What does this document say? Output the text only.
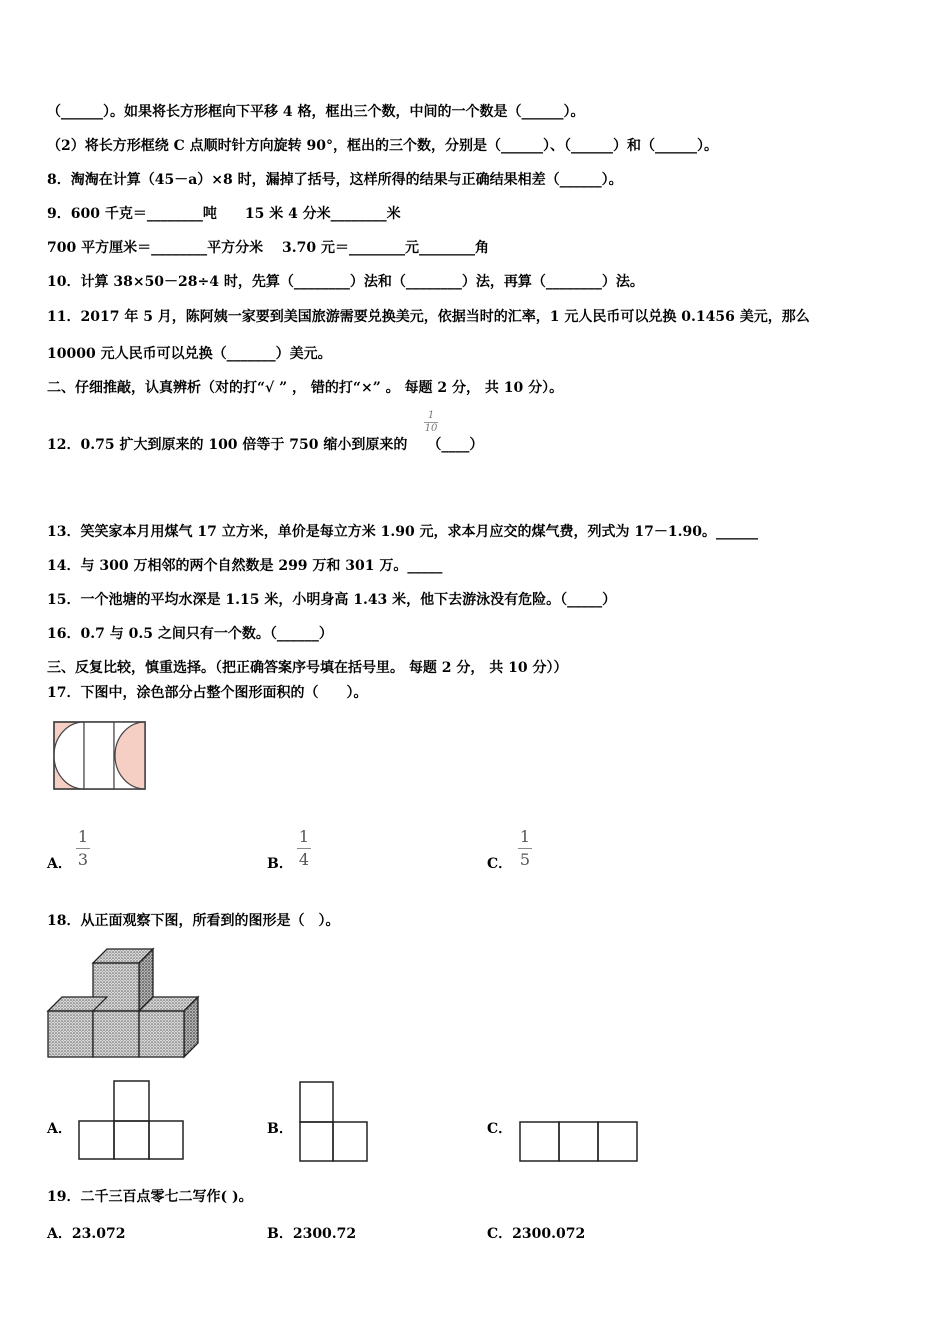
（______）。如果将长方形框向下平移 4 格，框出三个数，中间的一个数是（______）。
（2）将长方形框绕 C 点顺时针方向旋转 90°，框出的三个数，分别是（______）、（______）和（______）。
8．淘淘在计算（45－a）×8 时，漏掉了括号，这样所得的结果与正确结果相差（______）。
9．600 千克＝________吨　　15 米 4 分米________米
700 平方厘米＝________平方分米　 3.70 元＝________元________角
10．计算 38×50－28÷4 时，先算（________）法和（________）法，再算（________）法。
11．2017 年 5 月，陈阿姨一家要到美国旅游需要兑换美元，依据当时的汇率，1 元人民币可以兑换 0.1456 美元，那么
10000 元人民币可以兑换（_______）美元。
二、仔细推敲，认真辨析（对的打“√ ” ， 错的打“×” 。 每题 2 分， 共 10 分）。
12．0.75 扩大到原来的 100 倍等于 750 缩小到原来的 （____）
1
10
13．笑笑家本月用煤气 17 立方米，单价是每立方米 1.90 元，求本月应交的煤气费，列式为 17－1.90。______
14．与 300 万相邻的两个自然数是 299 万和 301 万。_____
15．一个池塘的平均水深是 1.15 米，小明身高 1.43 米，他下去游泳没有危险。（_____）
16．0.7 与 0.5 之间只有一个数。（______）
三、反复比较，慎重选择。（把正确答案序号填在括号里。 每题 2 分， 共 10 分））
17．下图中，涂色部分占整个图形面积的（　　）。
A．
1
3	B．
1
4	C．
1
5
18．从正面观察下图，所看到的图形是（　）。
A．	B．	C．
19．二千三百点零七二写作( )。
A．23.072	B．2300.72	C．2300.072
